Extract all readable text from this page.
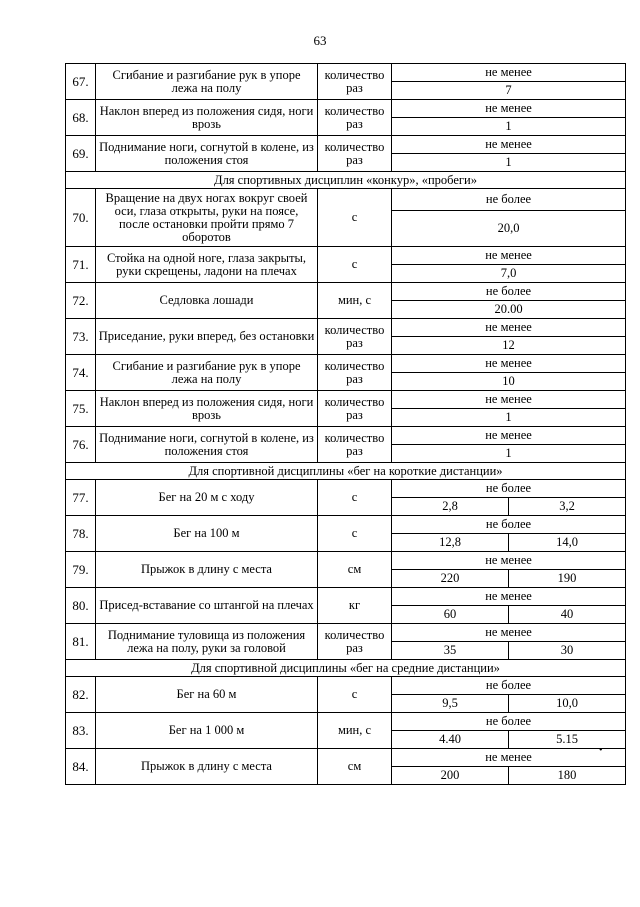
63
67.	Сгибание и разгибание рук в упоре лежа на полу	количество раз	не менее	
			7	
68.	Наклон вперед из положения сидя, ноги врозь	количество раз	не менее	
			1	
69.	Поднимание ноги, согнутой в колене, из положения стоя	количество раз	не менее	
			1	
Для спортивных дисциплин «конкур», «пробеги»				
70.	Вращение на двух ногах вокруг своей оси, глаза открыты, руки на поясе, после остановки пройти прямо 7 оборотов	с	не более	
			20,0	
71.	Стойка на одной ноге, глаза закрыты, руки скрещены, ладони на плечах	с	не менее	
			7,0	
72.	Седловка лошади	мин, с	не более	
			20.00	
73.	Приседание, руки вперед, без остановки	количество раз	не менее	
			12	
74.	Сгибание и разгибание рук в упоре лежа на полу	количество раз	не менее	
			10	
75.	Наклон вперед из положения сидя, ноги врозь	количество раз	не менее	
			1	
76.	Поднимание ноги, согнутой в колене, из положения стоя	количество раз	не менее	
			1	
Для спортивной дисциплины «бег на короткие дистанции»				
77.	Бег на 20 м с ходу	с	не более	
			2,8	3,2
78.	Бег на 100 м	с	не более	
			12,8	14,0
79.	Прыжок в длину с места	см	не менее	
			220	190
80.	Присед-вставание со штангой на плечах	кг	не менее	
			60	40
81.	Поднимание туловища из положения лежа на полу, руки за головой	количество раз	не менее	
			35	30
Для спортивной дисциплины «бег на средние дистанции»				
82.	Бег на 60 м	с	не более	
			9,5	10,0
83.	Бег на 1 000 м	мин, с	не более	
			4.40	5.15
84.	Прыжок в длину с места	см	не менее	
			200	180
•
